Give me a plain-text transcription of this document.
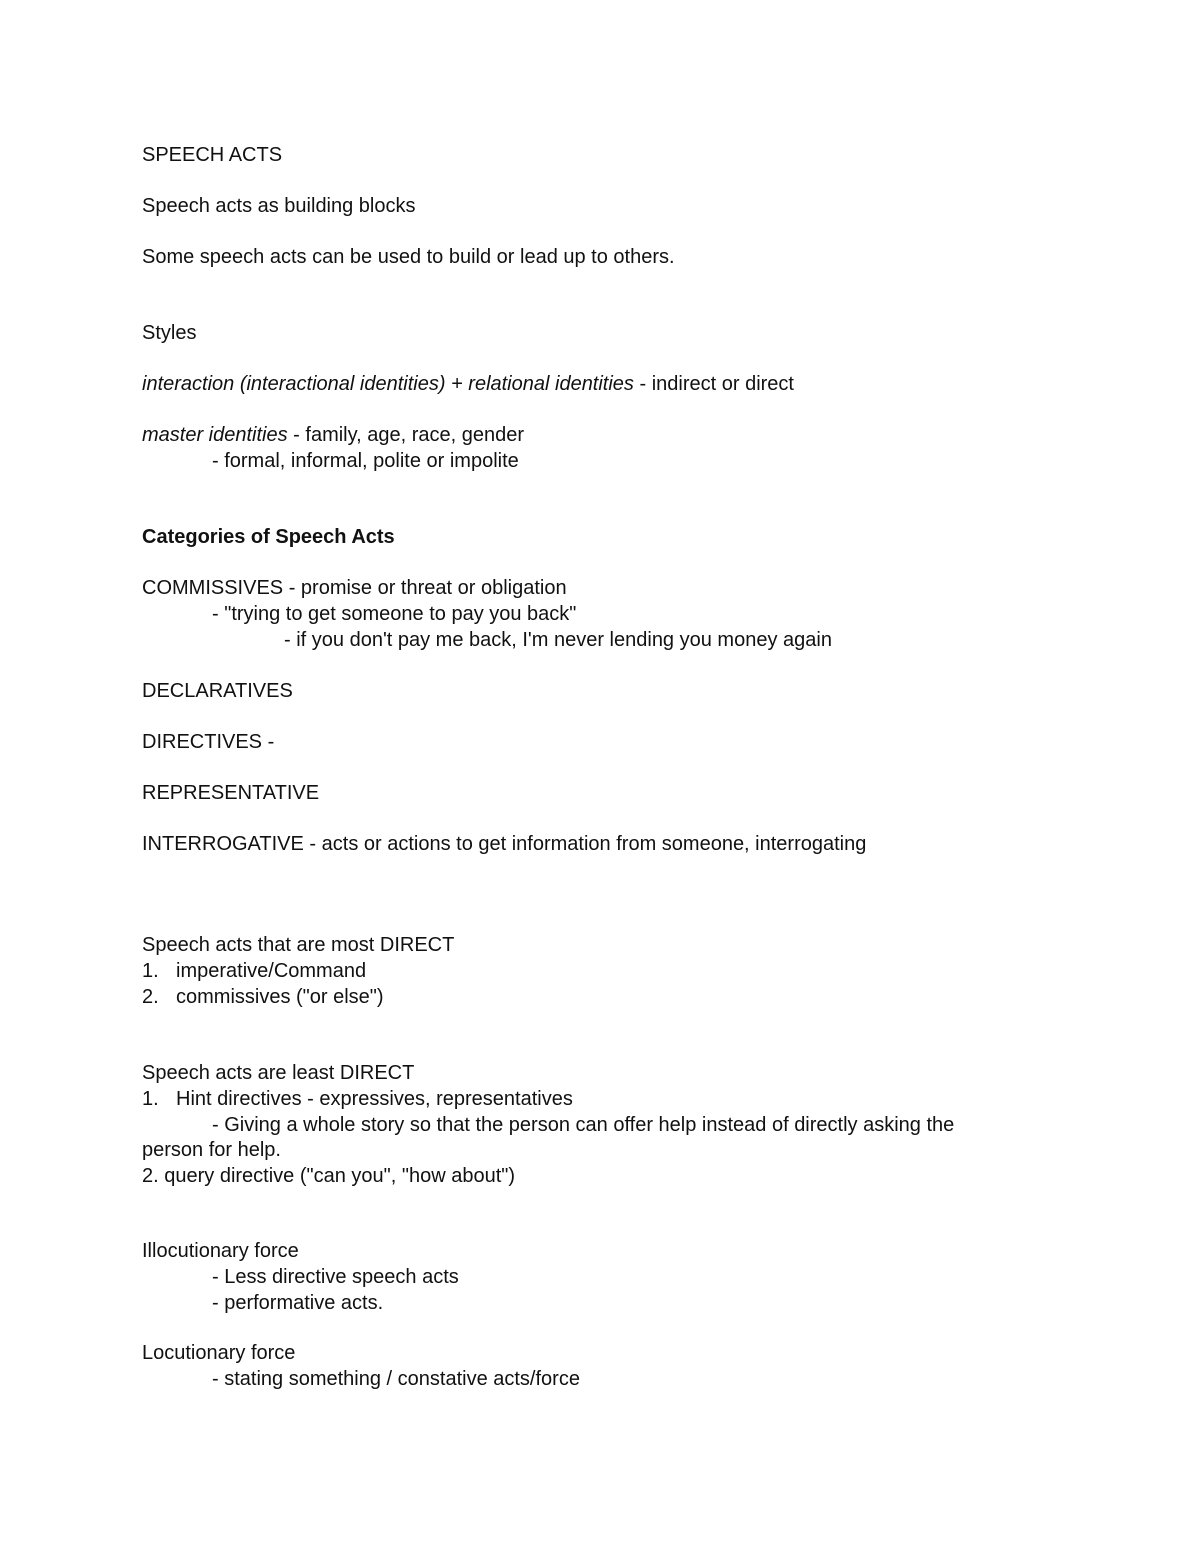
SPEECH ACTS

Speech acts as building blocks

Some speech acts can be used to build or lead up to others.

Styles

interaction (interactional identities) + relational identities - indirect or direct

master identities - family, age, race, gender

- formal, informal, polite or impolite

Categories of Speech Acts

COMMISSIVES - promise or threat or obligation

- "trying to get someone to pay you back"

- if you don't pay me back, I'm never lending you money again

DECLARATIVES

DIRECTIVES -

REPRESENTATIVE

INTERROGATIVE - acts or actions to get information from someone, interrogating

Speech acts that are most DIRECT

1. imperative/Command

2. commissives ("or else")

Speech acts are least DIRECT

1. Hint directives - expressives, representatives

- Giving a whole story so that the person can offer help instead of directly asking the

person for help.

2. query directive ("can you", "how about")

Illocutionary force

- Less directive speech acts

- performative acts.

Locutionary force

- stating something / constative acts/force
